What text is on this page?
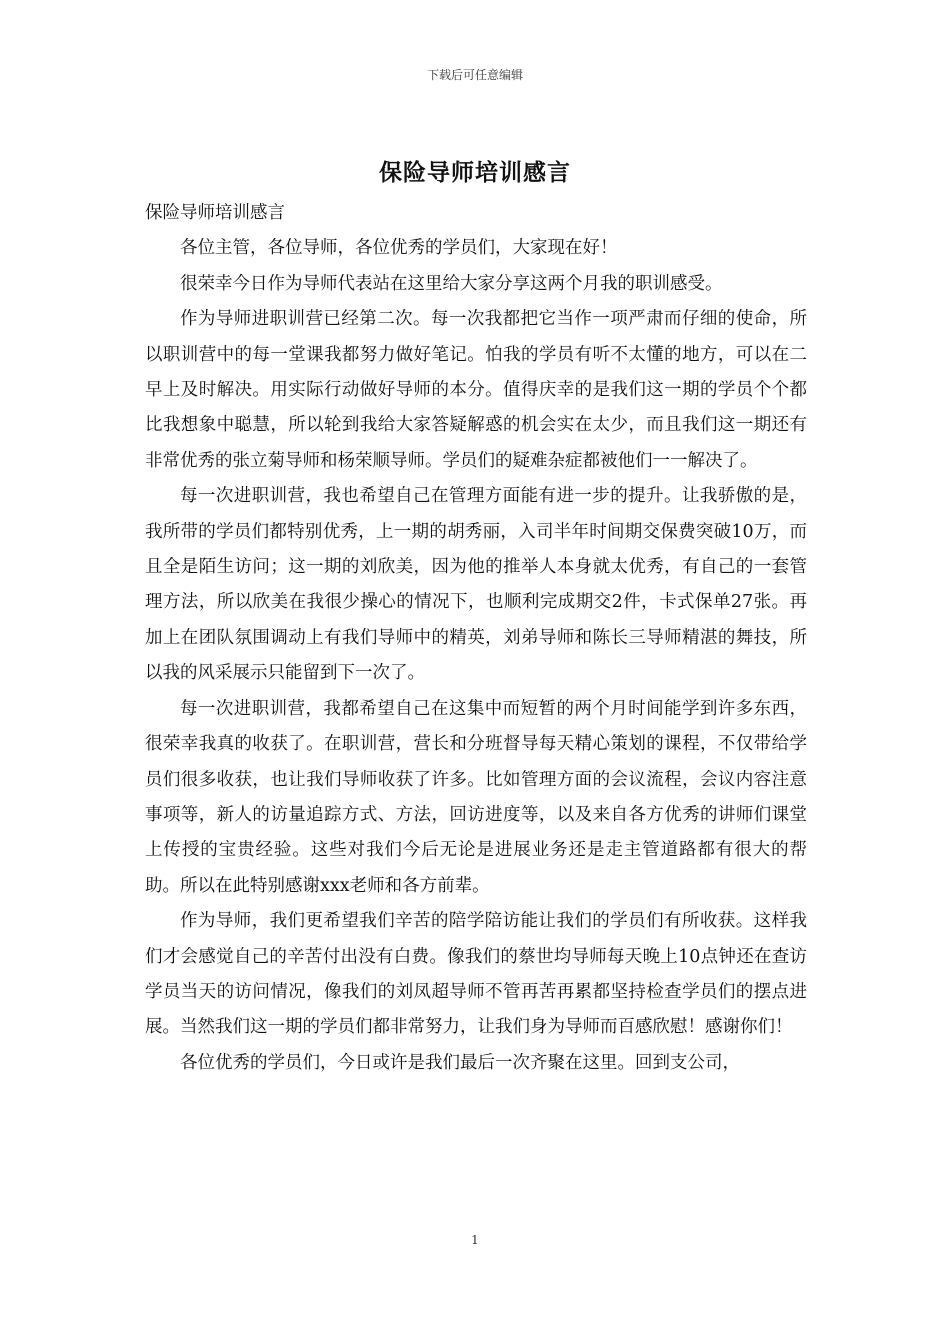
下载后可任意编辑
保险导师培训感言

保险导师培训感言

各位主管，各位导师，各位优秀的学员们，大家现在好！

很荣幸今日作为导师代表站在这里给大家分享这两个月我的职训感受。

作为导师进职训营已经第二次。每一次我都把它当作一项严肃而仔细的使命，所以职训营中的每一堂课我都努力做好笔记。怕我的学员有听不太懂的地方，可以在二早上及时解决。用实际行动做好导师的本分。值得庆幸的是我们这一期的学员个个都比我想象中聪慧，所以轮到我给大家答疑解惑的机会实在太少，而且我们这一期还有非常优秀的张立菊导师和杨荣顺导师。学员们的疑难杂症都被他们一一解决了。

每一次进职训营，我也希望自己在管理方面能有进一步的提升。让我骄傲的是，我所带的学员们都特别优秀，上一期的胡秀丽，入司半年时间期交保费突破10万，而且全是陌生访问；这一期的刘欣美，因为他的推举人本身就太优秀，有自己的一套管理方法，所以欣美在我很少操心的情况下，也顺利完成期交2件，卡式保单27张。再加上在团队氛围调动上有我们导师中的精英，刘弟导师和陈长三导师精湛的舞技，所以我的风采展示只能留到下一次了。

每一次进职训营，我都希望自己在这集中而短暂的两个月时间能学到许多东西，很荣幸我真的收获了。在职训营，营长和分班督导每天精心策划的课程，不仅带给学员们很多收获，也让我们导师收获了许多。比如管理方面的会议流程，会议内容注意事项等，新人的访量追踪方式、方法，回访进度等，以及来自各方优秀的讲师们课堂上传授的宝贵经验。这些对我们今后无论是进展业务还是走主管道路都有很大的帮助。所以在此特别感谢xxx老师和各方前辈。

作为导师，我们更希望我们辛苦的陪学陪访能让我们的学员们有所收获。这样我们才会感觉自己的辛苦付出没有白费。像我们的蔡世均导师每天晚上10点钟还在查访学员当天的访问情况，像我们的刘凤超导师不管再苦再累都坚持检查学员们的摆点进展。当然我们这一期的学员们都非常努力，让我们身为导师而百感欣慰！感谢你们！

各位优秀的学员们，今日或许是我们最后一次齐聚在这里。回到支公司，

1
